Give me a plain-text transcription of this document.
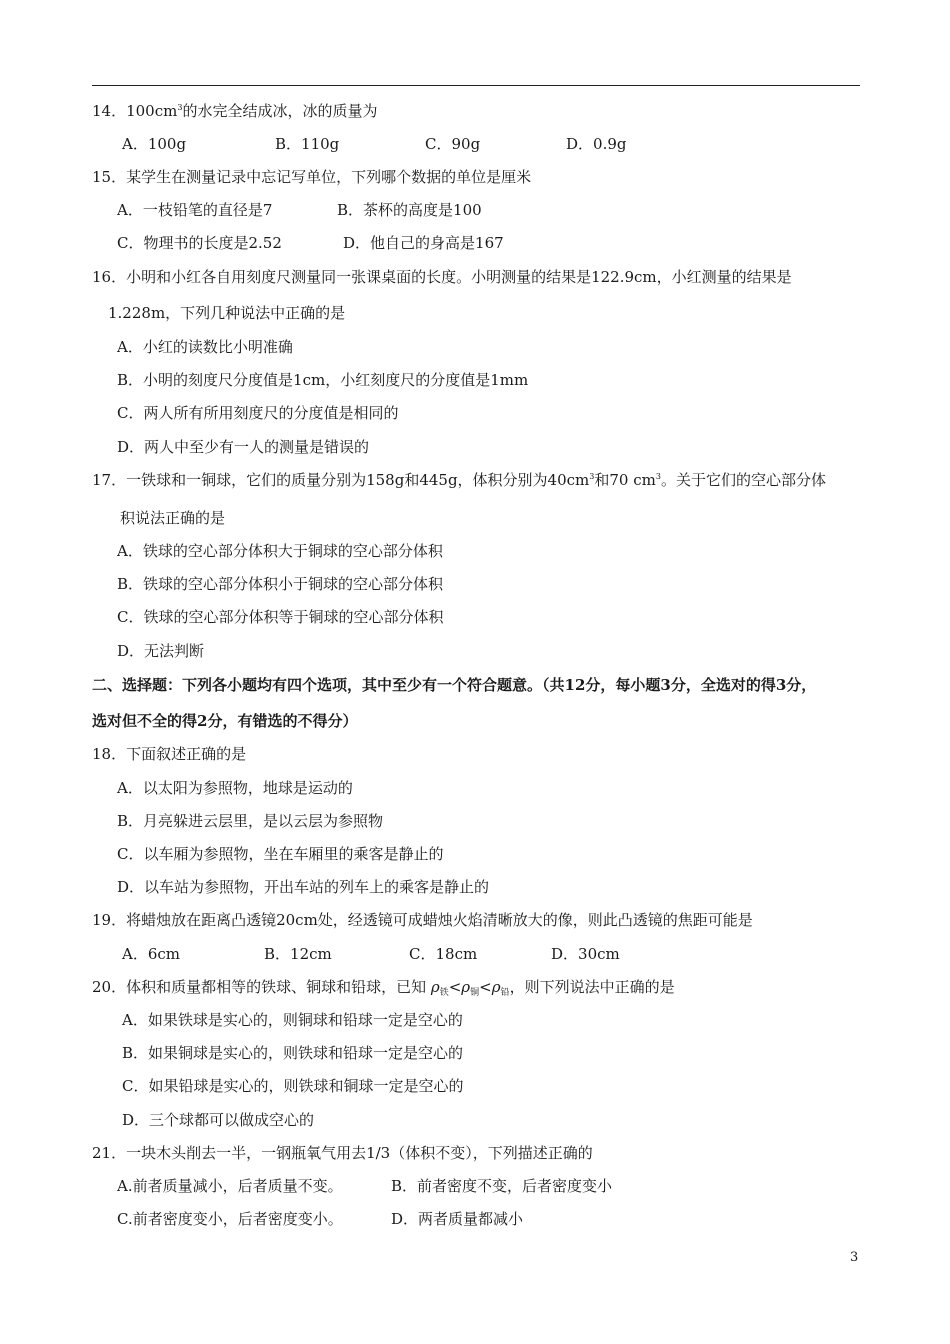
14．$100cm^3$的水完全结成冰，冰的质量为
A．100g	B．110g	C．90g	D．0.9g
15．某学生在测量记录中忘记写单位，下列哪个数据的单位是厘米
A．一枝铅笔的直径是7	B．茶杯的高度是100
C．物理书的长度是2.52	D．他自己的身高是167
16．小明和小红各自用刻度尺测量同一张课桌面的长度。小明测量的结果是122.9cm，小红测量的结果是
1.228m，下列几种说法中正确的是
A．小红的读数比小明准确
B．小明的刻度尺分度值是1cm，小红刻度尺的分度值是1mm
C．两人所有所用刻度尺的分度值是相同的
D．两人中至少有一人的测量是错误的
17．一铁球和一铜球，它们的质量分别为158g和445g，体积分别为$40cm^3$和70 $cm^3$。关于它们的空心部分体
积说法正确的是
A．铁球的空心部分体积大于铜球的空心部分体积
B．铁球的空心部分体积小于铜球的空心部分体积
C．铁球的空心部分体积等于铜球的空心部分体积
D．无法判断
二、选择题：下列各小题均有四个选项，其中至少有一个符合题意。（共12分，每小题3分，全选对的得3分，
选对但不全的得2分，有错选的不得分）
18．下面叙述正确的是
A．以太阳为参照物，地球是运动的
B．月亮躲进云层里，是以云层为参照物
C．以车厢为参照物，坐在车厢里的乘客是静止的
D．以车站为参照物，开出车站的列车上的乘客是静止的
19．将蜡烛放在距离凸透镜20cm处，经透镜可成蜡烛火焰清晰放大的像，则此凸透镜的焦距可能是
A．6cm	B．12cm	C．18cm	D．30cm
20．体积和质量都相等的铁球、铜球和铅球，已知 $\rho_铁<\rho_铜<\rho_铅$，则下列说法中正确的是
A．如果铁球是实心的，则铜球和铅球一定是空心的
B．如果铜球是实心的，则铁球和铅球一定是空心的
C．如果铅球是实心的，则铁球和铜球一定是空心的
D．三个球都可以做成空心的
21．一块木头削去一半，一钢瓶氧气用去1/3（体积不变），下列描述正确的
A.前者质量减小，后者质量不变。	B．前者密度不变，后者密度变小
C.前者密度变小，后者密度变小。	D．两者质量都减小
3
